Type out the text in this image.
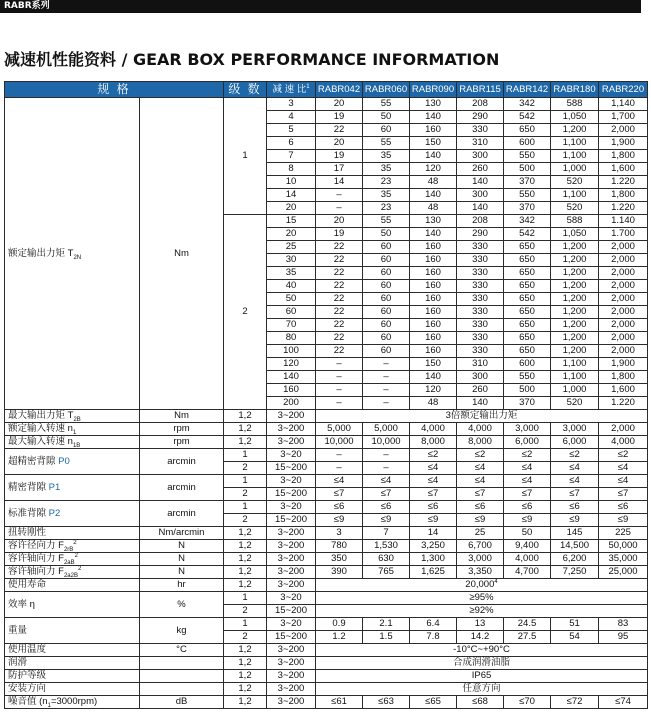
RABR系列
减速机性能资料 / GEAR BOX PERFORMANCE INFORMATION
规 格		级 数	减 速 比$^1$	RABR042	RABR060	RABR090	RABR115	RABR142	RABR180	RABR220
额定输出力矩 $T_{2N}$	Nm	1	3	20	55	130	208	342	588	1,140
			4	19	50	140	290	542	1,050	1,700
			5	22	60	160	330	650	1,200	2,000
			6	20	55	150	310	600	1,100	1,900
			7	19	35	140	300	550	1,100	1,800
			8	17	35	120	260	500	1,000	1,600
			10	14	23	48	140	370	520	1.220
			14	–	35	140	300	550	1,100	1,800
			20	–	23	48	140	370	520	1.220
		2	15	20	55	130	208	342	588	1.140
			20	19	50	140	290	542	1,050	1.700
			25	22	60	160	330	650	1,200	2,000
			30	22	60	160	330	650	1,200	2,000
			35	22	60	160	330	650	1,200	2,000
			40	22	60	160	330	650	1,200	2,000
			50	22	60	160	330	650	1,200	2,000
			60	22	60	160	330	650	1,200	2,000
			70	22	60	160	330	650	1,200	2,000
			80	22	60	160	330	650	1,200	2,000
			100	22	60	160	330	650	1,200	2,000
			120	–	–	150	310	600	1,100	1,900
			140	–	–	140	300	550	1,100	1,800
			160	–	–	120	260	500	1,000	1,600
			200	–	–	48	140	370	520	1.220
最大输出力矩 $T_{2B}$	Nm	1,2	3~200	3倍额定输出力矩						
额定输入转速 $n_1$	rpm	1,2	3~200	5,000	5,000	4,000	4,000	3,000	3,000	2,000
最大输入转速 $n_{1B}$	rpm	1,2	3~200	10,000	10,000	8,000	8,000	6,000	6,000	4,000
超精密背隙 P0	arcmin	1	3~20	–	–	≤2	≤2	≤2	≤2	≤2
		2	15~200	–	–	≤4	≤4	≤4	≤4	≤4
精密背隙 P1	arcmin	1	3~20	≤4	≤4	≤4	≤4	≤4	≤4	≤4
		2	15~200	≤7	≤7	≤7	≤7	≤7	≤7	≤7
标准背隙 P2	arcmin	1	3~20	≤6	≤6	≤6	≤6	≤6	≤6	≤6
		2	15~200	≤9	≤9	≤9	≤9	≤9	≤9	≤9
扭转刚性	Nm/arcmin	1,2	3~200	3	7	14	25	50	145	225
容许径向力 $F_{2rB}^2$	N	1,2	3~200	780	1,530	3,250	6,700	9,400	14,500	50,000
容许轴向力 $F_{2aB}^2$	N	1,2	3~200	350	630	1,300	3,000	4,000	6,200	35,000
容许轴向力 $F_{2a2B}^2$	N	1,2	3~200	390	765	1,625	3,350	4,700	7,250	25,000
使用寿命	hr	1,2	3~200	20,000$^4$
效率 η	%	1	3~20	≥95%						
		2	15~200	≥92%						
重量	kg	1	3~20	0.9	2.1	6.4	13	24.5	51	83
		2	15~200	1.2	1.5	7.8	14.2	27.5	54	95
使用温度	°C	1,2	3~200	-10°C~+90°C						
润滑		1,2	3~200	合成润滑油脂						
防护等级		1,2	3~200	IP65						
安装方向		1,2	3~200	任意方向						
噪音值 $(n_1=3000rpm)$	dB	1,2	3~200	≤61	≤63	≤65	≤68	≤70	≤72	≤74
